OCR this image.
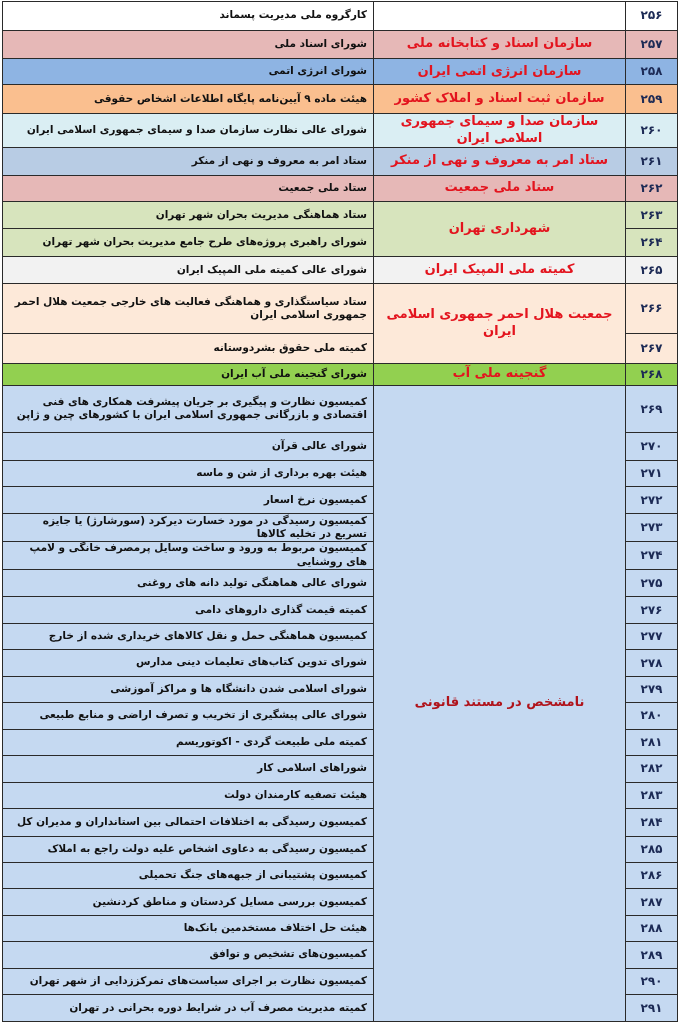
۲۵۶		کارگروه ملی مدیریت پسماند
۲۵۷	سازمان اسناد و کتابخانه ملی	شورای اسناد ملی
۲۵۸	سازمان انرژی اتمی ایران	شورای انرژی اتمی
۲۵۹	سازمان ثبت اسناد و املاک کشور	هیئت ماده ۹ آیین‌نامه پایگاه اطلاعات اشخاص حقوقی
۲۶۰	سازمان صدا و سیمای جمهوری اسلامی ایران	شورای عالی نظارت سازمان صدا و سیمای جمهوری اسلامی ایران
۲۶۱	ستاد امر به معروف و نهی از منکر	ستاد امر به معروف و نهی از منکر
۲۶۲	ستاد ملی جمعیت	ستاد ملی جمعیت
۲۶۳	شهرداری تهران	ستاد هماهنگی مدیریت بحران شهر تهران
۲۶۴		شورای راهبری پروژه‌های طرح جامع مدیریت بحران شهر تهران
۲۶۵	کمیته ملی المپیک ایران	شورای عالی کمیته ملی المپیک ایران
۲۶۶	جمعیت هلال احمر جمهوری اسلامی ایران	ستاد سیاستگذاری و هماهنگی فعالیت های خارجی جمعیت هلال احمر جمهوری اسلامی ایران
۲۶۷		کمیته ملی حقوق بشردوستانه
۲۶۸	گنجینه ملی آب	شورای گنجینه ملی آب ایران
۲۶۹	نامشخص در مستند قانونی	کمیسیون نظارت و پیگیری بر جریان پیشرفت همکاری های فنی اقتصادی و بازرگانی جمهوری اسلامی ایران با کشورهای چین و ژاپن
۲۷۰		شورای عالی قرآن
۲۷۱		هیئت بهره برداری از شن و ماسه
۲۷۲		کمیسیون نرخ اسعار
۲۷۳		کمیسیون رسیدگی در مورد خسارت دیرکرد (سورشارژ) یا جایزه تسریع در تخلیه کالاها
۲۷۴		کمیسیون مربوط به ورود و ساخت وسایل پرمصرف خانگی و لامپ های روشنایی
۲۷۵		شورای عالی هماهنگی تولید دانه های روغنی
۲۷۶		کمیته قیمت گذاری داروهای دامی
۲۷۷		کمیسیون هماهنگی حمل و نقل کالاهای خریداری شده از خارج
۲۷۸		شورای تدوین کتاب‌های تعلیمات دینی مدارس
۲۷۹		شورای اسلامی شدن دانشگاه ها و مراکز آموزشی
۲۸۰		شورای عالی پیشگیری از تخریب و تصرف اراضی و منابع طبیعی
۲۸۱		کمیته ملی طبیعت گردی - اکوتوریسم
۲۸۲		شوراهای اسلامی کار
۲۸۳		هیئت تصفیه کارمندان دولت
۲۸۴		کمیسیون رسیدگی به اختلافات احتمالی بین استانداران و مدیران کل
۲۸۵		کمیسیون رسیدگی به دعاوی اشخاص علیه دولت راجع به املاک
۲۸۶		کمیسیون پشتیبانی از جبهه‌های جنگ تحمیلی
۲۸۷		کمیسیون بررسی مسایل کردستان و مناطق کردنشین
۲۸۸		هیئت حل اختلاف مستخدمین بانک‌ها
۲۸۹		کمیسیون‌های تشخیص و توافق
۲۹۰		کمیسیون نظارت بر اجرای سیاست‌های تمرکززدایی از شهر تهران
۲۹۱		کمیته مدیریت مصرف آب در شرایط دوره بحرانی در تهران
